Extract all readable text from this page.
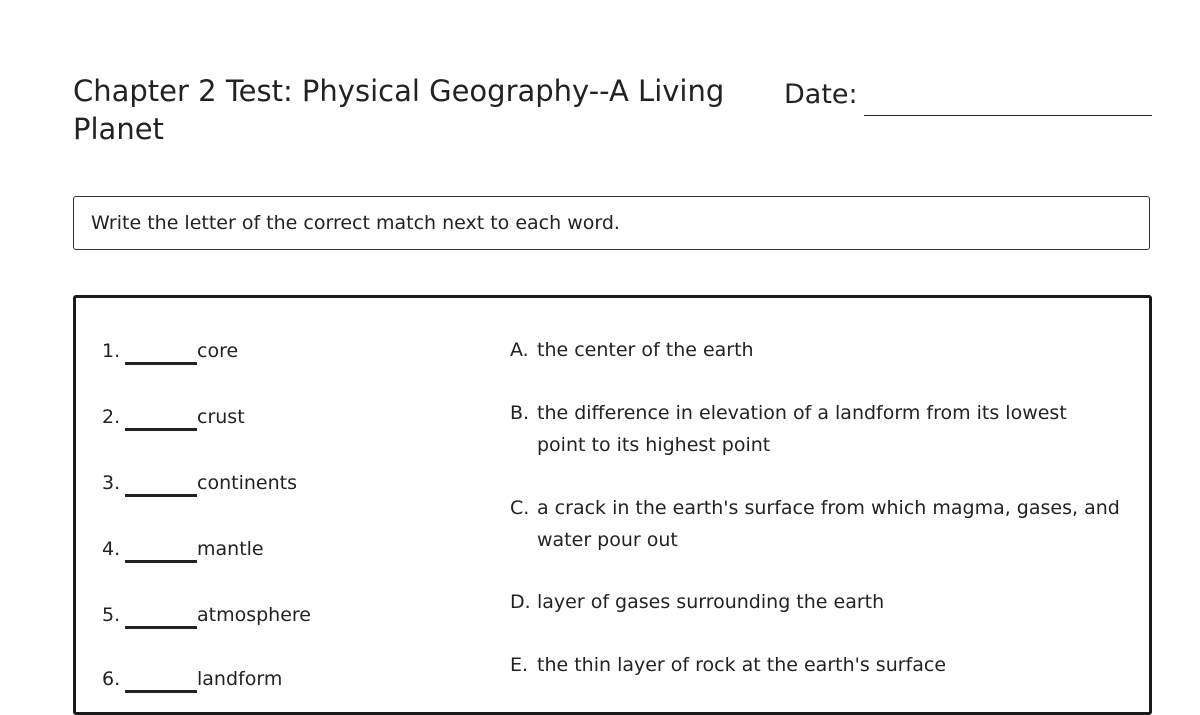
Chapter 2 Test: Physical Geography--A Living Planet
Date:
Write the letter of the correct match next to each word.
1.	core
2.	crust
3.	continents
4.	mantle
5.	atmosphere
6.	landform
A. the center of the earth
B. the difference in elevation of a landform from its lowest point to its highest point
C. a crack in the earth's surface from which magma, gases, and water pour out
D. layer of gases surrounding the earth
E. the thin layer of rock at the earth's surface
